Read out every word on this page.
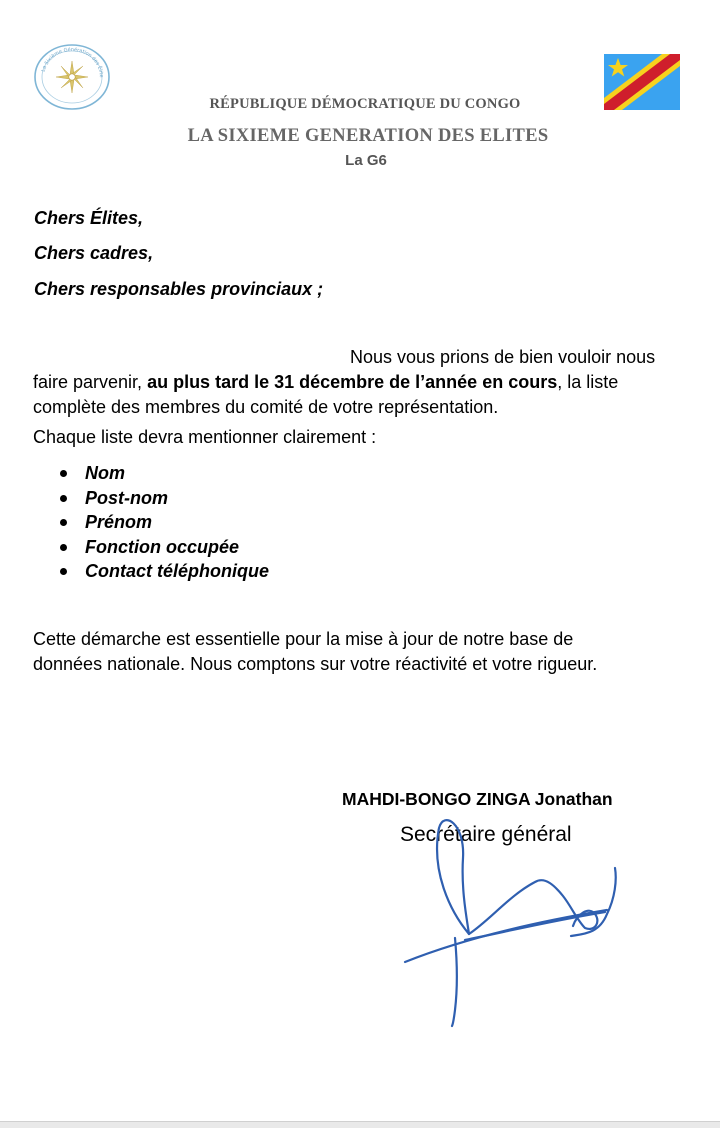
La Sixième Génération des Élite
RÉPUBLIQUE DÉMOCRATIQUE DU CONGO
LA SIXIEME GENERATION DES ELITES
La G6
Chers Élites,
Chers cadres,
Chers responsables provinciaux ;
Nous vous prions de bien vouloir nous
faire parvenir, au plus tard le 31 décembre de l’année en cours, la liste
complète des membres du comité de votre représentation.
Chaque liste devra mentionner clairement :
Nom
Post-nom
Prénom
Fonction occupée
Contact téléphonique
Cette démarche est essentielle pour la mise à jour de notre base de
données nationale. Nous comptons sur votre réactivité et votre rigueur.
MAHDI-BONGO ZINGA Jonathan
Secrétaire général
